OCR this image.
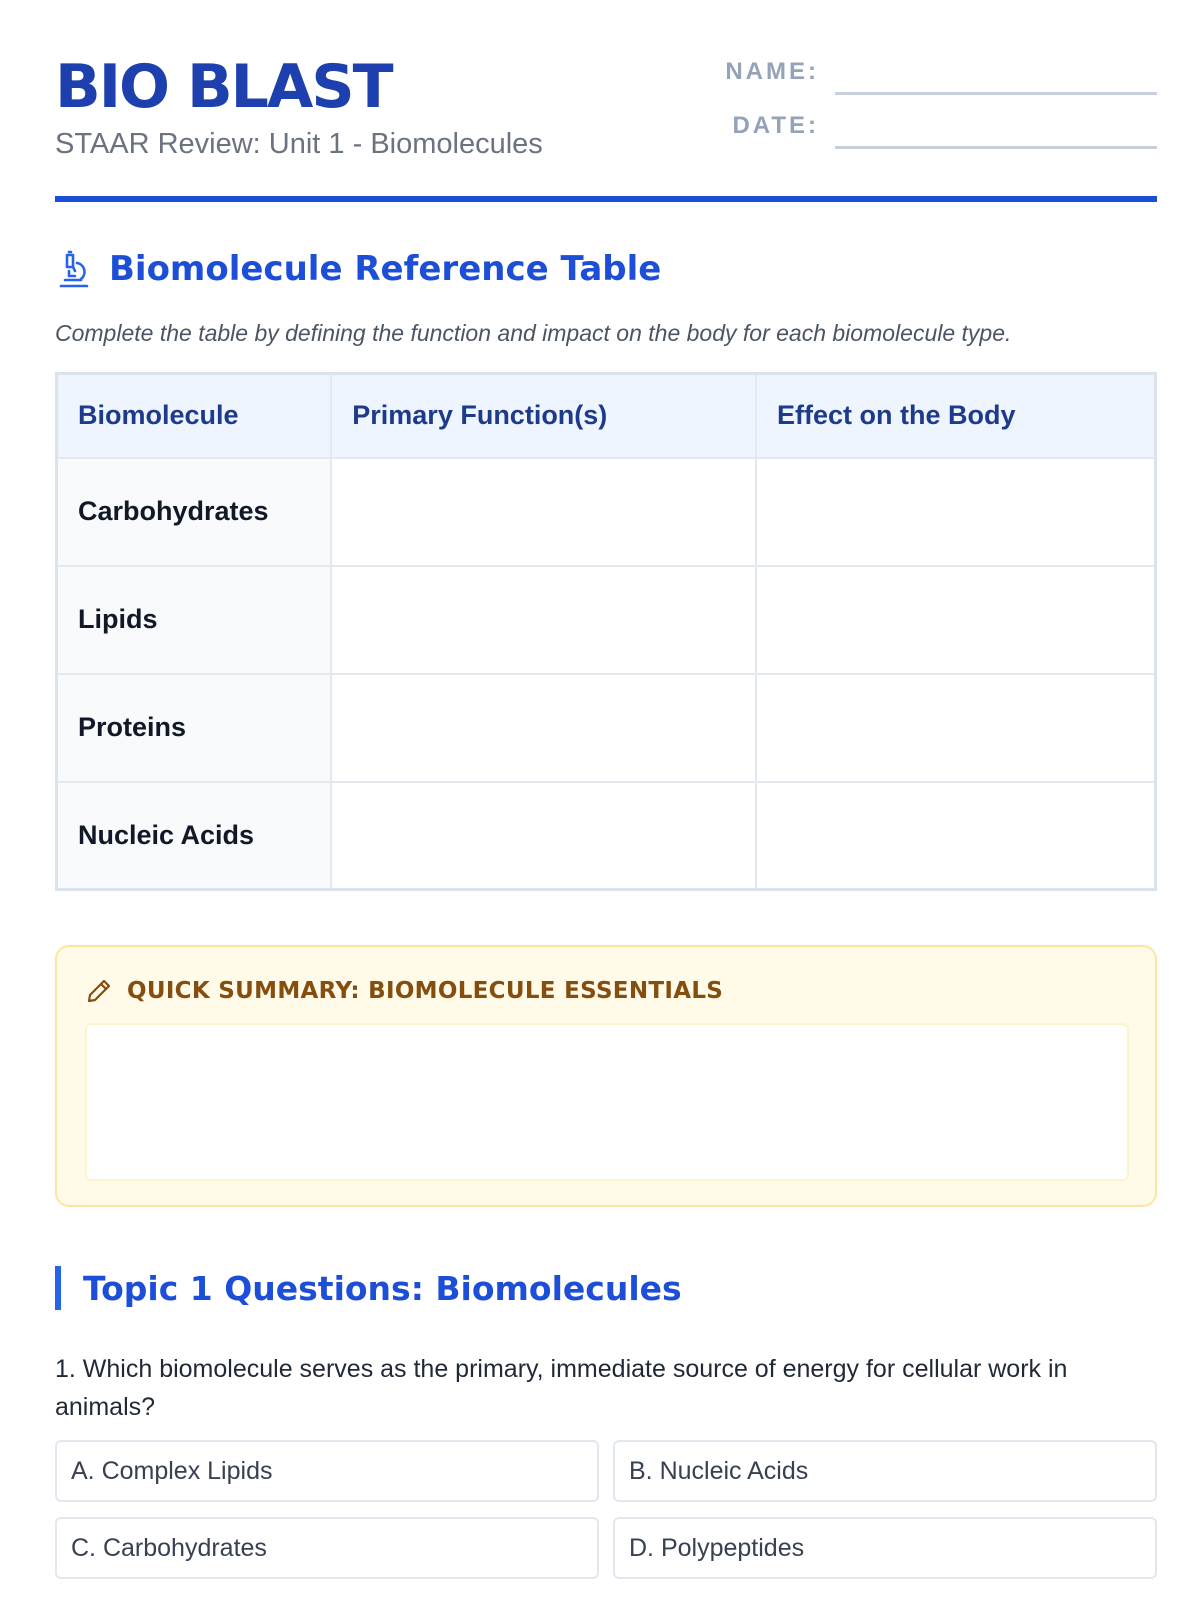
BIO BLAST
STAAR Review: Unit 1 - Biomolecules
NAME:
DATE:
Biomolecule Reference Table
Complete the table by defining the function and impact on the body for each biomolecule type.
Biomolecule	Primary Function(s)	Effect on the Body
Carbohydrates		
Lipids		
Proteins		
Nucleic Acids		
QUICK SUMMARY: BIOMOLECULE ESSENTIALS
Topic 1 Questions: Biomolecules
1. Which biomolecule serves as the primary, immediate source of energy for cellular work in animals?
A. Complex Lipids	B. Nucleic Acids
C. Carbohydrates	D. Polypeptides
